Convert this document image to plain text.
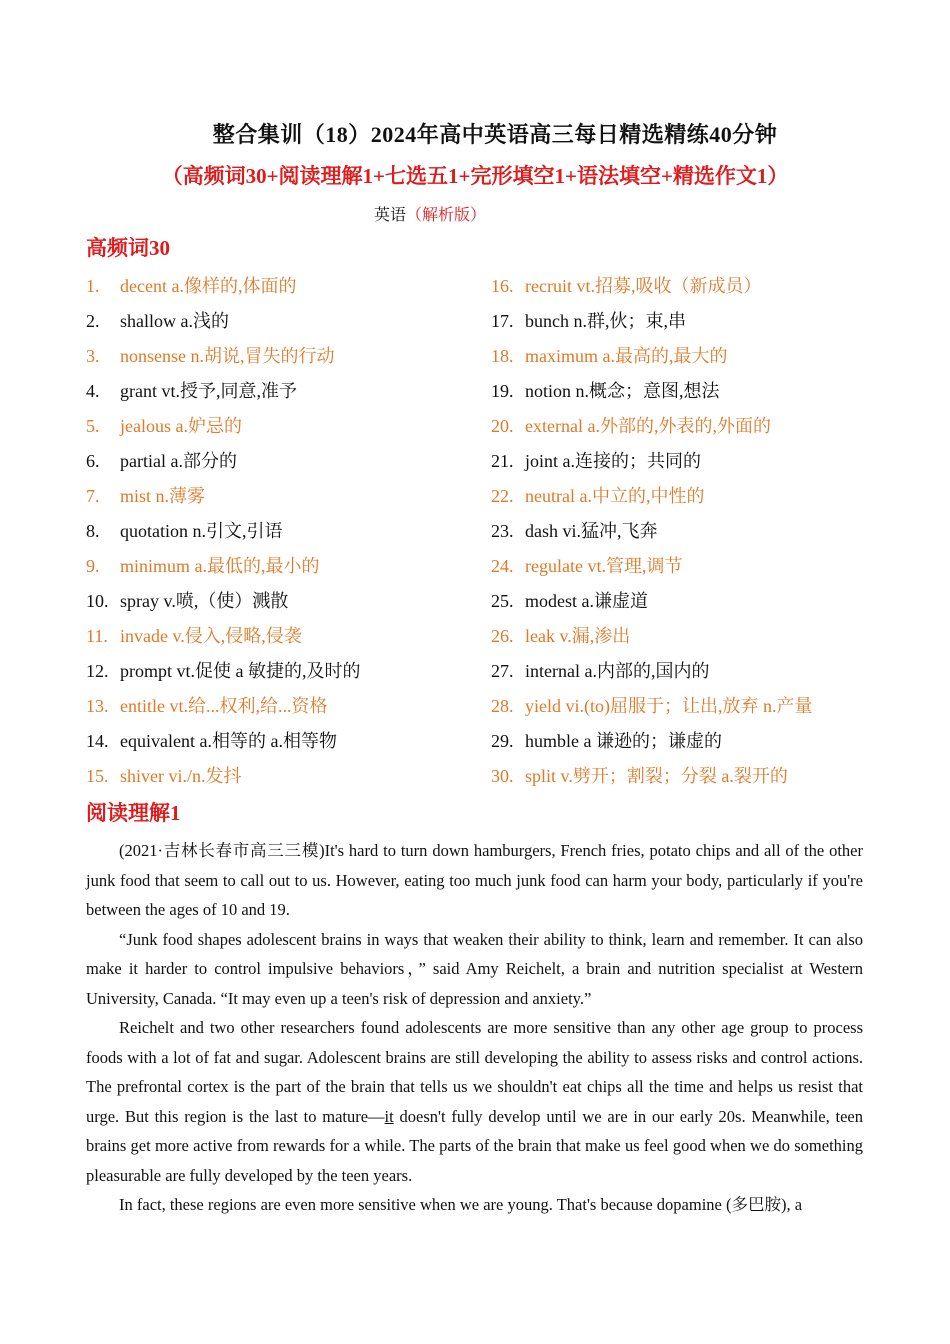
整合集训（18）2024年高中英语高三每日精选精练40分钟
（高频词30+阅读理解1+七选五1+完形填空1+语法填空+精选作文1）
英语（解析版）
高频词30
1. decent a.像样的,体面的
2. shallow a.浅的
3. nonsense n.胡说,冒失的行动
4. grant vt.授予,同意,准予
5. jealous a.妒忌的
6. partial a.部分的
7. mist n.薄雾
8. quotation n.引文,引语
9. minimum a.最低的,最小的
10. spray v.喷,（使）溅散
11. invade v.侵入,侵略,侵袭
12. prompt vt.促使 a 敏捷的,及时的
13. entitle vt.给...权利,给...资格
14. equivalent a.相等的 a.相等物
15. shiver vi./n.发抖
16. recruit vt.招募,吸收（新成员）
17. bunch n.群,伙；束,串
18. maximum a.最高的,最大的
19. notion n.概念；意图,想法
20. external a.外部的,外表的,外面的
21. joint a.连接的；共同的
22. neutral a.中立的,中性的
23. dash vi.猛冲,飞奔
24. regulate vt.管理,调节
25. modest a.谦虚道
26. leak v.漏,渗出
27. internal a.内部的,国内的
28. yield vi.(to)屈服于；让出,放弃 n.产量
29. humble a 谦逊的；谦虚的
30. split v.劈开；割裂；分裂 a.裂开的
阅读理解1

(2021·吉林长春市高三三模)It's hard to turn down hamburgers, French fries, potato chips and all of the other junk food that seem to call out to us. However, eating too much junk food can harm your body, particularly if you're between the ages of 10 and 19.

“Junk food shapes adolescent brains in ways that weaken their ability to think, learn and remember. It can also make it harder to control impulsive behaviors，” said Amy Reichelt, a brain and nutrition specialist at Western University, Canada. “It may even up a teen's risk of depression and anxiety.”

Reichelt and two other researchers found adolescents are more sensitive than any other age group to process foods with a lot of fat and sugar. Adolescent brains are still developing the ability to assess risks and control actions. The prefrontal cortex is the part of the brain that tells us we shouldn't eat chips all the time and helps us resist that urge. But this region is the last to mature—it doesn't fully develop until we are in our early 20s. Meanwhile, teen brains get more active from rewards for a while. The parts of the brain that make us feel good when we do something pleasurable are fully developed by the teen years.

In fact, these regions are even more sensitive when we are young. That's because dopamine (多巴胺), a
